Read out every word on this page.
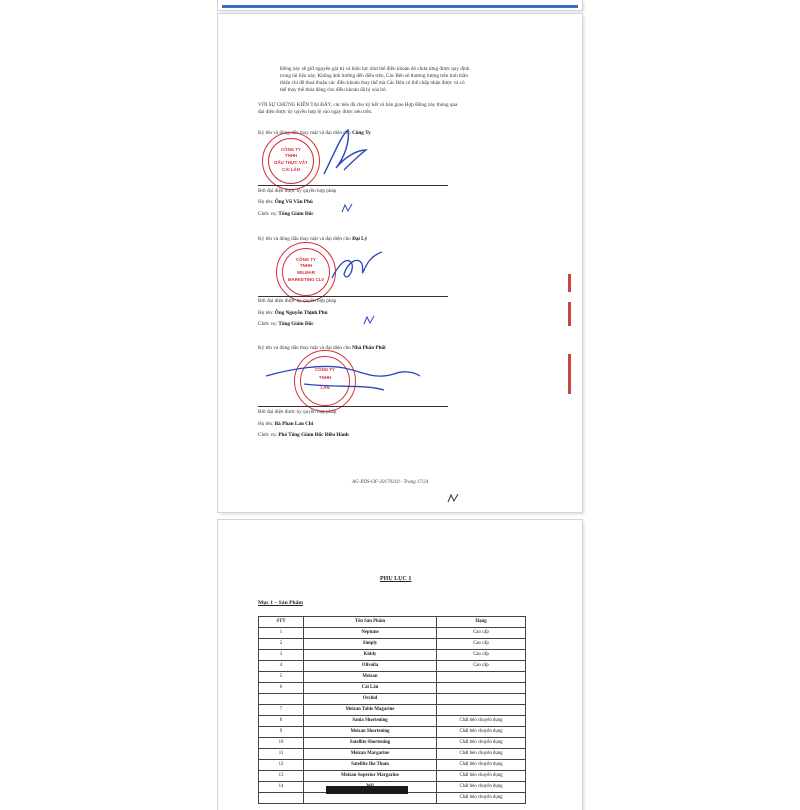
Đồng này sẽ giữ nguyên giá trị và hiệu lực như thể điều khoản đó chưa từng được quy định
trong tài liệu này. Không ảnh hưởng đến điều trên, Các Bên sẽ thương lượng trên tinh thần
thiện chí để thoả thuận các điều khoản thay thế mà Các Bên có thể chấp nhận được và có
thể thay thế thỏa đáng cho điều khoản đã bị xóa bỏ.
VỚI SỰ CHỨNG KIẾN TẠI ĐÂY, các bên đã cho ký kết và bàn giao Hợp Đồng này thông qua
đại diện được ủy quyền hợp lệ vào ngày được nêu trên.
Ký tên và đóng dấu thay mặt và đại diện cho Công Ty
CÔNG TY
TNHH
DẦU THỰC VẬT
CÁI LÂN
Bởi đại diện được ủy quyền hợp pháp
Họ tên: Ông Vũ Văn Phú
Chức vụ: Tổng Giám Đốc
Ký tên và đóng dấu thay mặt và đại diện cho Đại Lý
CÔNG TY
TNHH
WILMAR
MARKETING CLV
Bởi đại diện được ủy quyền hợp pháp
Họ tên: Ông Nguyễn Thịnh Phú
Chức vụ: Tổng Giám Đốc
Ký tên và đóng dấu thay mặt và đại diện cho Nhà Phân Phối
CÔNG TY
TNHH
LAN
Bởi đại diện được ủy quyền hợp pháp
Họ tên: Bà Phan Lan Chi
Chức vụ: Phó Tổng Giám Đốc Điều Hành
AG-PDS-OF-20170310 - Trang 17/24
PHỤ LỤC 1
Mục 1 – Sản Phẩm
STT	Tên Sản Phẩm	Hạng
1	Neptune	Cao cấp
2	Simply	Cao cấp
3	Kiddy	Cao cấp
4	Olivoila	Cao cấp
5	Meizan	
6	Cái Lân	
	Orchid	
7	Meizan Table Magarine	
8	Sania Shortening	Chất béo chuyên dụng
9	Meizan Shortening	Chất béo chuyên dụng
10	Satellite Shortening	Chất béo chuyên dụng
11	Meizan Margarine	Chất béo chuyên dụng
12	Satellite Ihe Thom	Chất béo chuyên dụng
13	Meizan Superior Margarine	Chất béo chuyên dụng
14		Chất béo chuyên dụng
		Chất béo chuyên dụng
